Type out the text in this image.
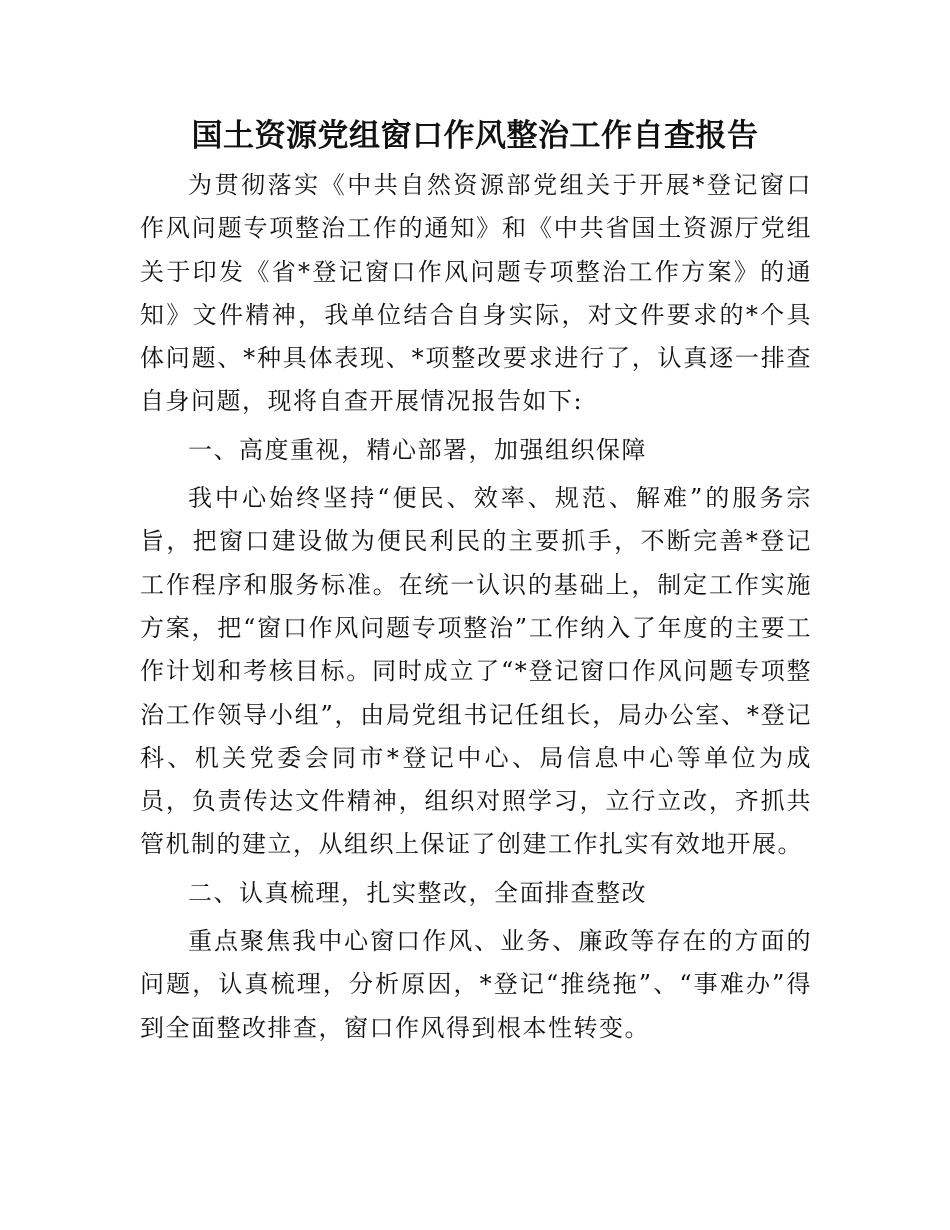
国土资源党组窗口作风整治工作自查报告

为贯彻落实《中共自然资源部党组关于开展*登记窗口作风问题专项整治工作的通知》和《中共省国土资源厅党组关于印发《省*登记窗口作风问题专项整治工作方案》的通知》文件精神，我单位结合自身实际，对文件要求的*个具体问题、*种具体表现、*项整改要求进行了，认真逐一排查自身问题，现将自查开展情况报告如下:

一、高度重视，精心部署，加强组织保障

我中心始终坚持“便民、效率、规范、解难”的服务宗旨，把窗口建设做为便民利民的主要抓手，不断完善*登记工作程序和服务标准。在统一认识的基础上，制定工作实施方案，把“窗口作风问题专项整治”工作纳入了年度的主要工作计划和考核目标。同时成立了“*登记窗口作风问题专项整治工作领导小组”，由局党组书记任组长，局办公室、*登记科、机关党委会同市*登记中心、局信息中心等单位为成员，负责传达文件精神，组织对照学习，立行立改，齐抓共管机制的建立，从组织上保证了创建工作扎实有效地开展。

二、认真梳理，扎实整改，全面排查整改

重点聚焦我中心窗口作风、业务、廉政等存在的方面的问题，认真梳理，分析原因，*登记“推绕拖”、“事难办”得到全面整改排查，窗口作风得到根本性转变。
